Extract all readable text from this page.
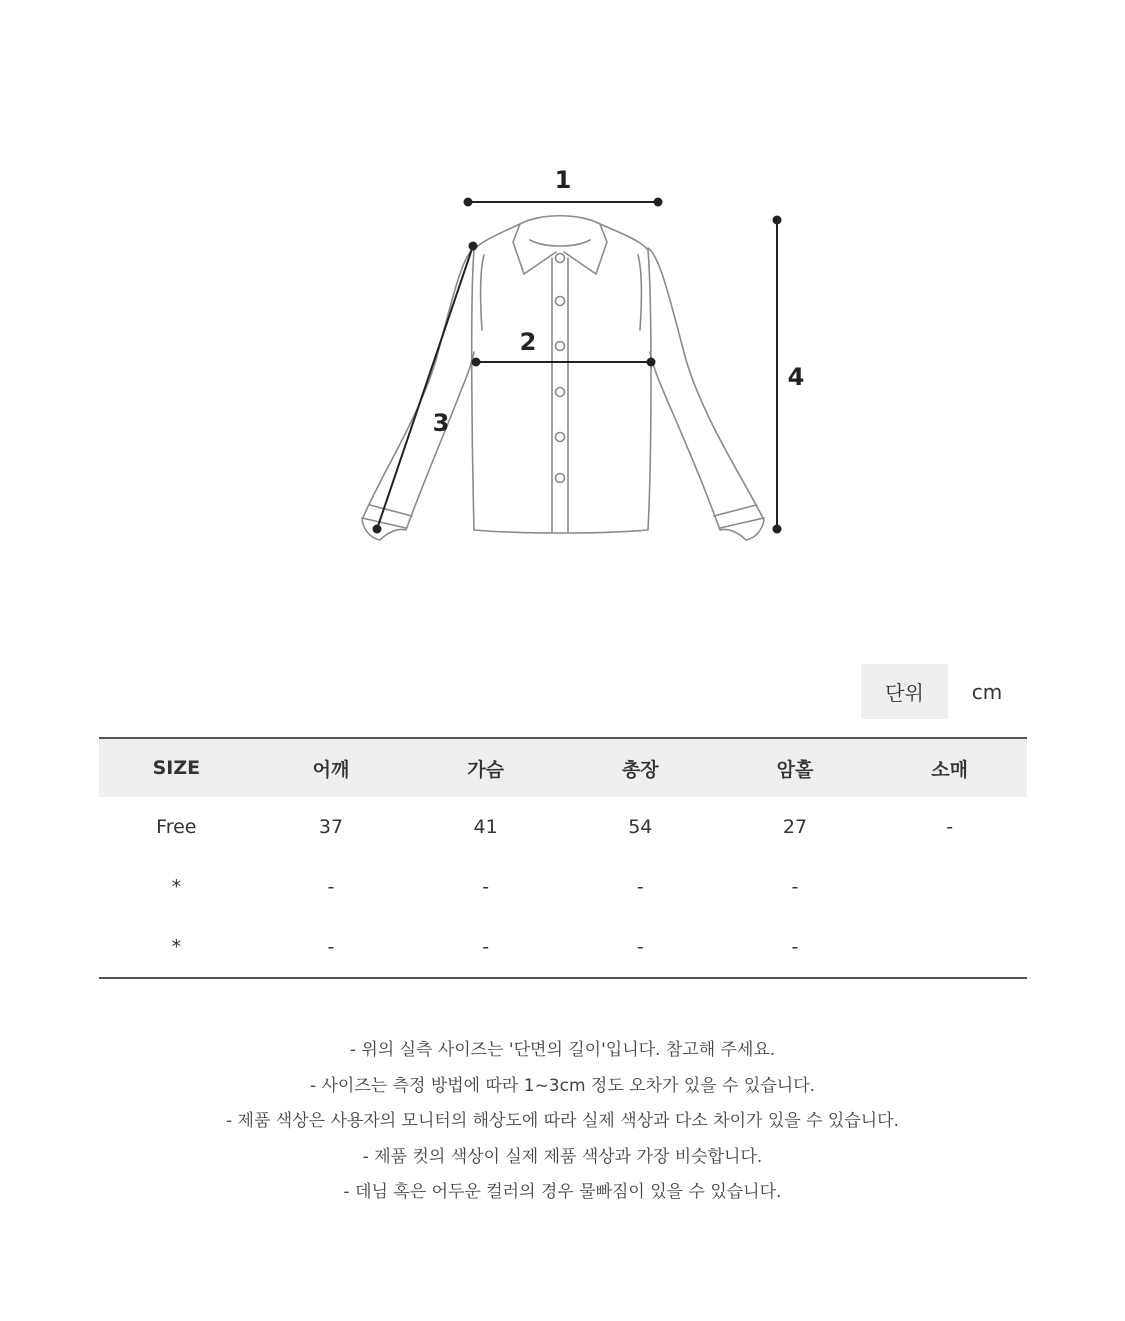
1
2
3
4
단위	cm
SIZE	어깨	가슴	총장	암홀	소매
Free	37	41	54	27	-
*	-	-	-	-	
*	-	-	-	-	

- 위의 실측 사이즈는 '단면의 길이'입니다. 참고해 주세요.

- 사이즈는 측정 방법에 따라 1~3cm 정도 오차가 있을 수 있습니다.

- 제품 색상은 사용자의 모니터의 해상도에 따라 실제 색상과 다소 차이가 있을 수 있습니다.

- 제품 컷의 색상이 실제 제품 색상과 가장 비슷합니다.

- 데님 혹은 어두운 컬러의 경우 물빠짐이 있을 수 있습니다.
